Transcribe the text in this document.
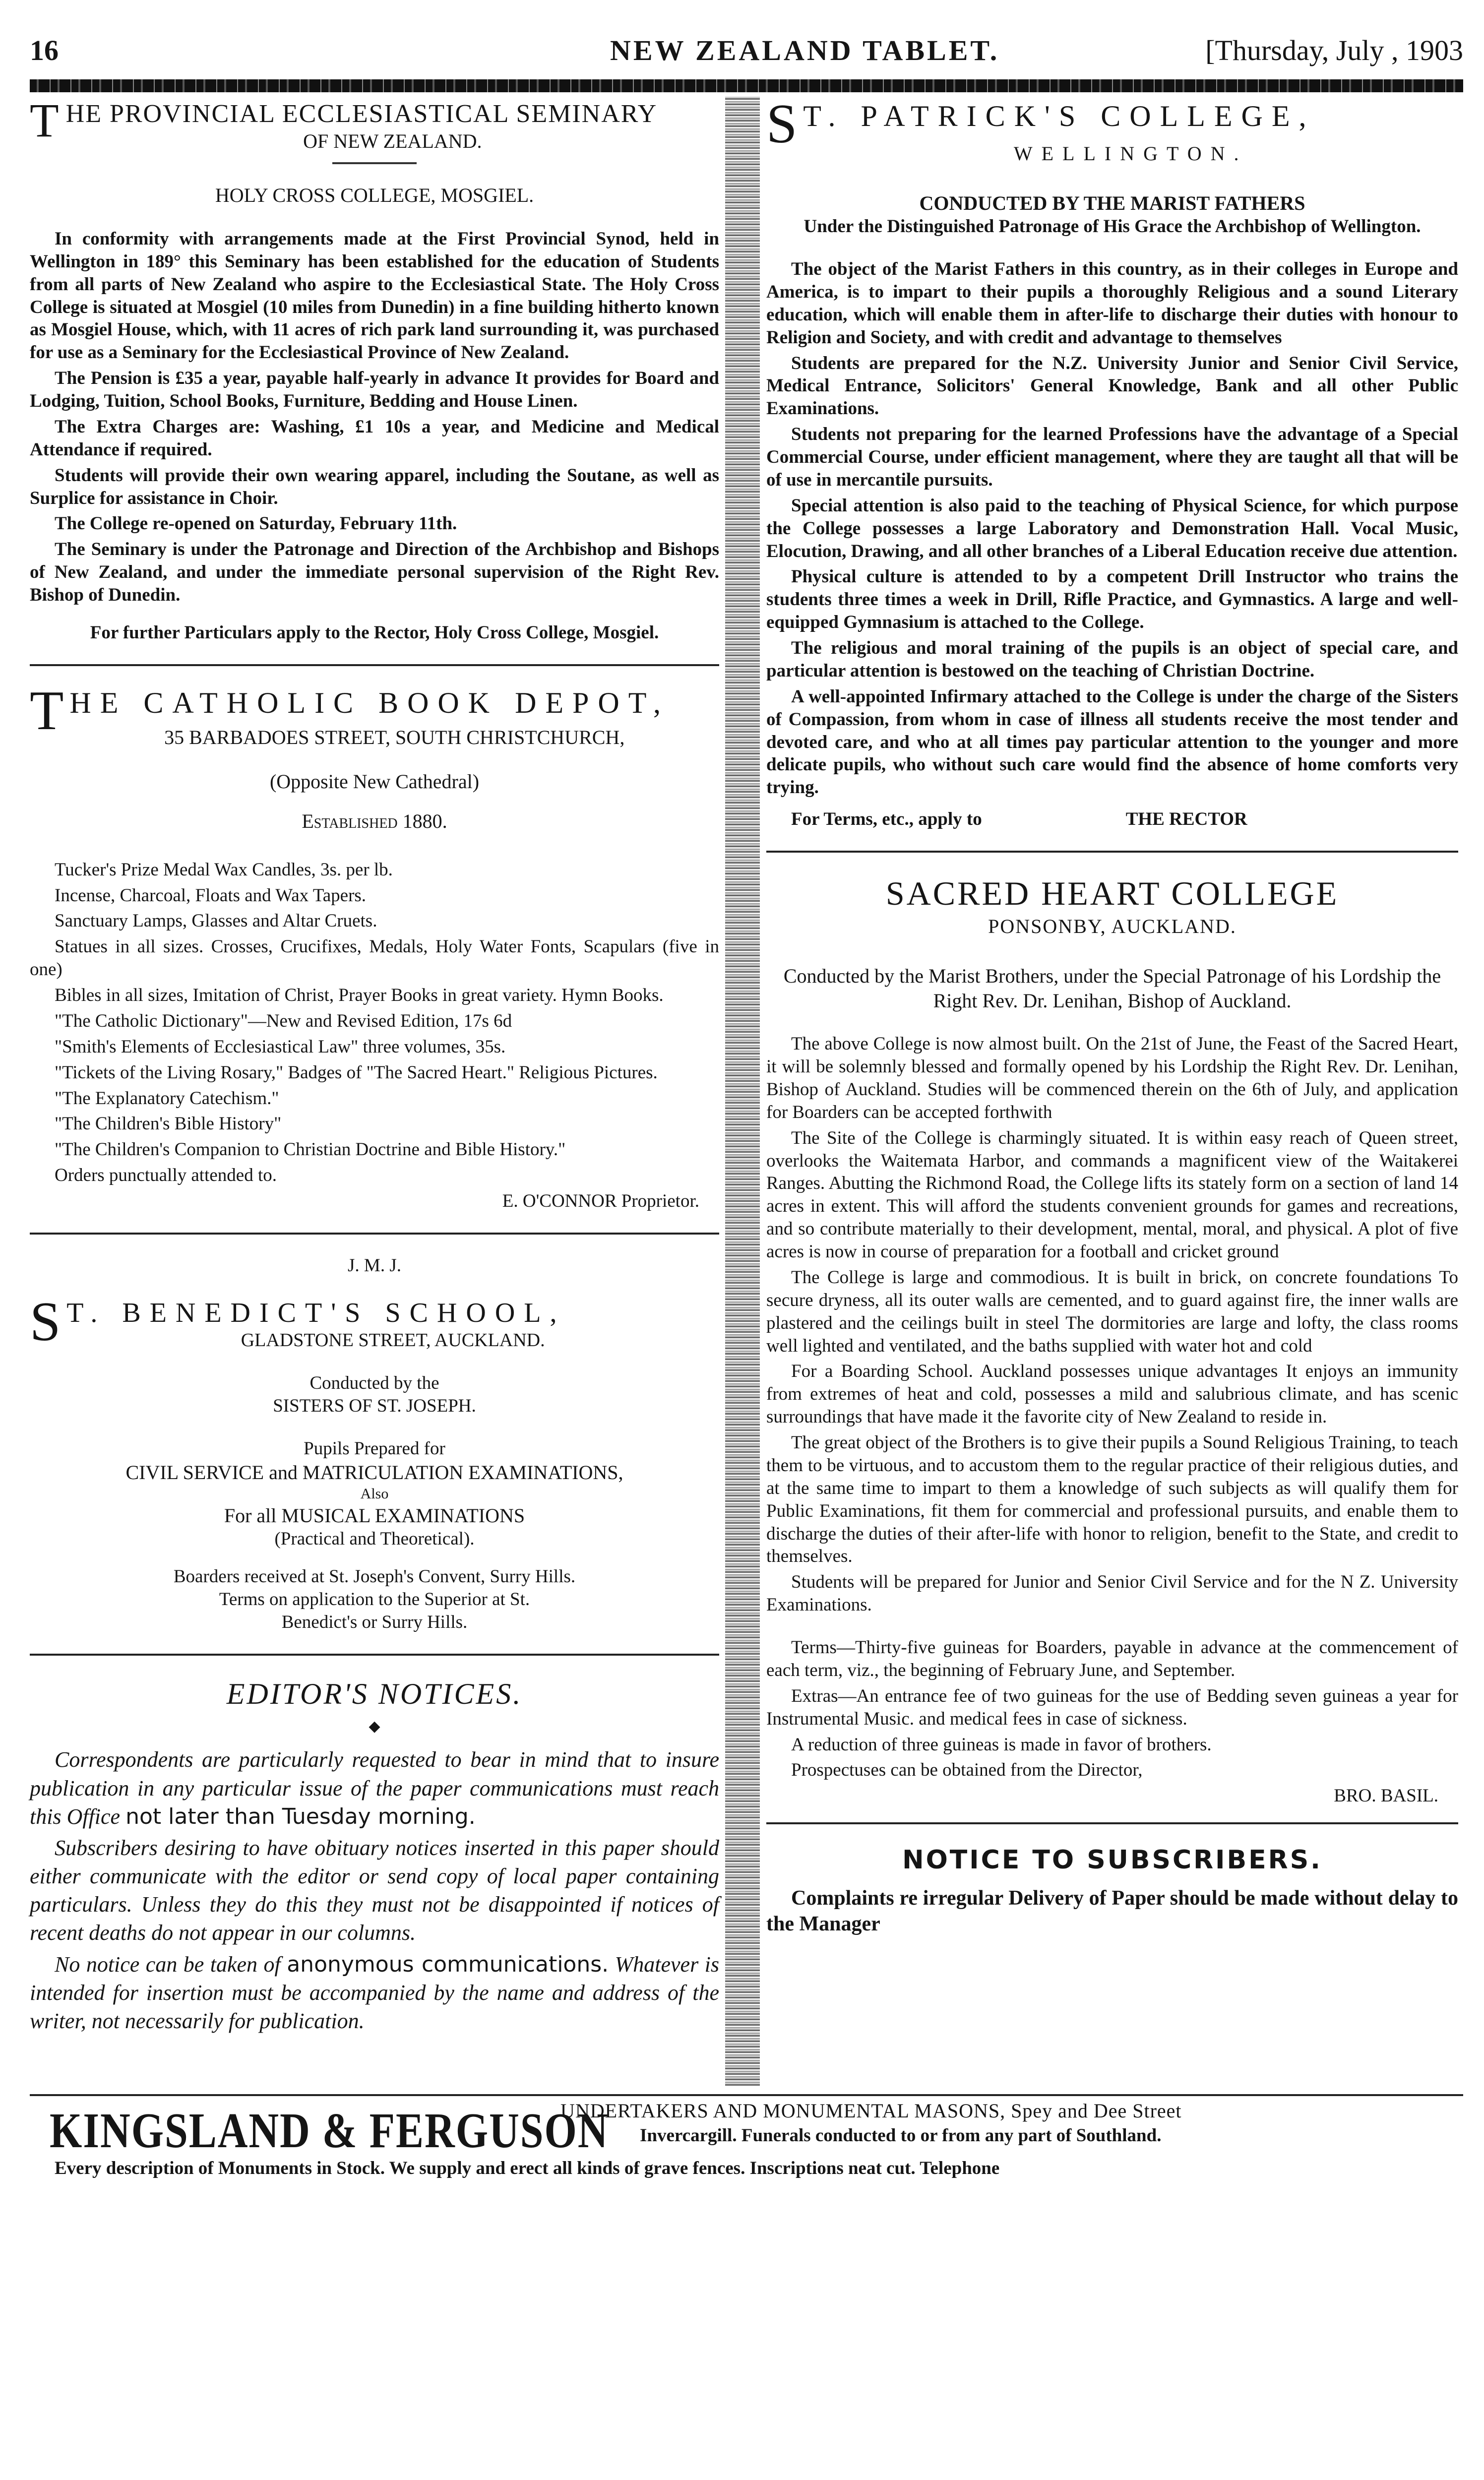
16	NEW ZEALAND TABLET.	[Thursday, July , 1903
THE PROVINCIAL ECCLESIASTICAL SEMINARY
OF NEW ZEALAND.
HOLY CROSS COLLEGE, MOSGIEL.

In conformity with arrangements made at the First Provincial Synod, held in Wellington in 189° this Seminary has been established for the education of Students from all parts of New Zealand who aspire to the Ecclesiastical State. The Holy Cross College is situated at Mosgiel (10 miles from Dunedin) in a fine building hitherto known as Mosgiel House, which, with 11 acres of rich park land surrounding it, was purchased for use as a Seminary for the Ecclesiastical Province of New Zealand.

The Pension is £35 a year, payable half-yearly in advance It provides for Board and Lodging, Tuition, School Books, Furniture, Bedding and House Linen.

The Extra Charges are: Washing, £1 10s a year, and Medicine and Medical Attendance if required.

Students will provide their own wearing apparel, including the Soutane, as well as Surplice for assistance in Choir.

The College re-opened on Saturday, February 11th.

The Seminary is under the Patronage and Direction of the Archbishop and Bishops of New Zealand, and under the immediate personal supervision of the Right Rev. Bishop of Dunedin.

For further Particulars apply to the Rector, Holy Cross College, Mosgiel.

THE CATHOLIC BOOK DEPOT,
35 BARBADOES STREET, SOUTH CHRISTCHURCH,
(Opposite New Cathedral)
Established 1880.

Tucker's Prize Medal Wax Candles, 3s. per lb.

Incense, Charcoal, Floats and Wax Tapers.

Sanctuary Lamps, Glasses and Altar Cruets.

Statues in all sizes. Crosses, Crucifixes, Medals, Holy Water Fonts, Scapulars (five in one)

Bibles in all sizes, Imitation of Christ, Prayer Books in great variety. Hymn Books.

"The Catholic Dictionary"—New and Revised Edition, 17s 6d

"Smith's Elements of Ecclesiastical Law" three volumes, 35s.

"Tickets of the Living Rosary," Badges of "The Sacred Heart." Religious Pictures.

"The Explanatory Catechism."

"The Children's Bible History"

"The Children's Companion to Christian Doctrine and Bible History."

Orders punctually attended to.

E. O'CONNOR Proprietor.
J. M. J.
S T. BENEDICT'S SCHOOL,
GLADSTONE STREET, AUCKLAND.
Conducted by the
SISTERS OF ST. JOSEPH.
Pupils Prepared for
CIVIL SERVICE and MATRICULATION EXAMINATIONS,
Also
For all MUSICAL EXAMINATIONS
(Practical and Theoretical).
Boarders received at St. Joseph's Convent, Surry Hills.
Terms on application to the Superior at St.
Benedict's or Surry Hills.
EDITOR'S NOTICES.
◆

Correspondents are particularly requested to bear in mind that to insure publication in any particular issue of the paper communications must reach this Office not later than Tuesday morning.

Subscribers desiring to have obituary notices inserted in this paper should either communicate with the editor or send copy of local paper containing particulars. Unless they do this they must not be disappointed if notices of recent deaths do not appear in our columns.

No notice can be taken of anonymous communications. Whatever is intended for insertion must be accompanied by the name and address of the writer, not necessarily for publication.

S T. PATRICK'S COLLEGE,
WELLINGTON.
CONDUCTED BY THE MARIST FATHERS
Under the Distinguished Patronage of His Grace the Archbishop of Wellington.

The object of the Marist Fathers in this country, as in their colleges in Europe and America, is to impart to their pupils a thoroughly Religious and a sound Literary education, which will enable them in after-life to discharge their duties with honour to Religion and Society, and with credit and advantage to themselves

Students are prepared for the N.Z. University Junior and Senior Civil Service, Medical Entrance, Solicitors' General Knowledge, Bank and all other Public Examinations.

Students not preparing for the learned Professions have the advantage of a Special Commercial Course, under efficient management, where they are taught all that will be of use in mercantile pursuits.

Special attention is also paid to the teaching of Physical Science, for which purpose the College possesses a large Laboratory and Demonstration Hall. Vocal Music, Elocution, Drawing, and all other branches of a Liberal Education receive due attention.

Physical culture is attended to by a competent Drill Instructor who trains the students three times a week in Drill, Rifle Practice, and Gymnastics. A large and well-equipped Gymnasium is attached to the College.

The religious and moral training of the pupils is an object of special care, and particular attention is bestowed on the teaching of Christian Doctrine.

A well-appointed Infirmary attached to the College is under the charge of the Sisters of Compassion, from whom in case of illness all students receive the most tender and devoted care, and who at all times pay particular attention to the younger and more delicate pupils, who without such care would find the absence of home comforts very trying.

For Terms, etc., apply to	THE RECTOR
SACRED HEART COLLEGE
PONSONBY, AUCKLAND.

Conducted by the Marist Brothers, under the Special Patronage of his Lordship the Right Rev. Dr. Lenihan, Bishop of Auckland.

The above College is now almost built. On the 21st of June, the Feast of the Sacred Heart, it will be solemnly blessed and formally opened by his Lordship the Right Rev. Dr. Lenihan, Bishop of Auckland. Studies will be commenced therein on the 6th of July, and application for Boarders can be accepted forthwith

The Site of the College is charmingly situated. It is within easy reach of Queen street, overlooks the Waitemata Harbor, and commands a magnificent view of the Waitakerei Ranges. Abutting the Richmond Road, the College lifts its stately form on a section of land 14 acres in extent. This will afford the students convenient grounds for games and recreations, and so contribute materially to their development, mental, moral, and physical. A plot of five acres is now in course of preparation for a football and cricket ground

The College is large and commodious. It is built in brick, on concrete foundations To secure dryness, all its outer walls are cemented, and to guard against fire, the inner walls are plastered and the ceilings built in steel The dormitories are large and lofty, the class rooms well lighted and ventilated, and the baths supplied with water hot and cold

For a Boarding School. Auckland possesses unique advantages It enjoys an immunity from extremes of heat and cold, possesses a mild and salubrious climate, and has scenic surroundings that have made it the favorite city of New Zealand to reside in.

The great object of the Brothers is to give their pupils a Sound Religious Training, to teach them to be virtuous, and to accustom them to the regular practice of their religious duties, and at the same time to impart to them a knowledge of such subjects as will qualify them for Public Examinations, fit them for commercial and professional pursuits, and enable them to discharge the duties of their after-life with honor to religion, benefit to the State, and credit to themselves.

Students will be prepared for Junior and Senior Civil Service and for the N Z. University Examinations.

Terms—Thirty-five guineas for Boarders, payable in advance at the commencement of each term, viz., the beginning of February June, and September.

Extras—An entrance fee of two guineas for the use of Bedding seven guineas a year for Instrumental Music. and medical fees in case of sickness.

A reduction of three guineas is made in favor of brothers.

Prospectuses can be obtained from the Director,

BRO. BASIL.
NOTICE TO SUBSCRIBERS.

Complaints re irregular Delivery of Paper should be made without delay to the Manager

KINGSLAND & FERGUSON
UNDERTAKERS AND MONUMENTAL MASONS, Spey and Dee Street
Invercargill. Funerals conducted to or from any part of Southland.
Every description of Monuments in Stock. We supply and erect all kinds of grave fences. Inscriptions neat cut. Telephone
